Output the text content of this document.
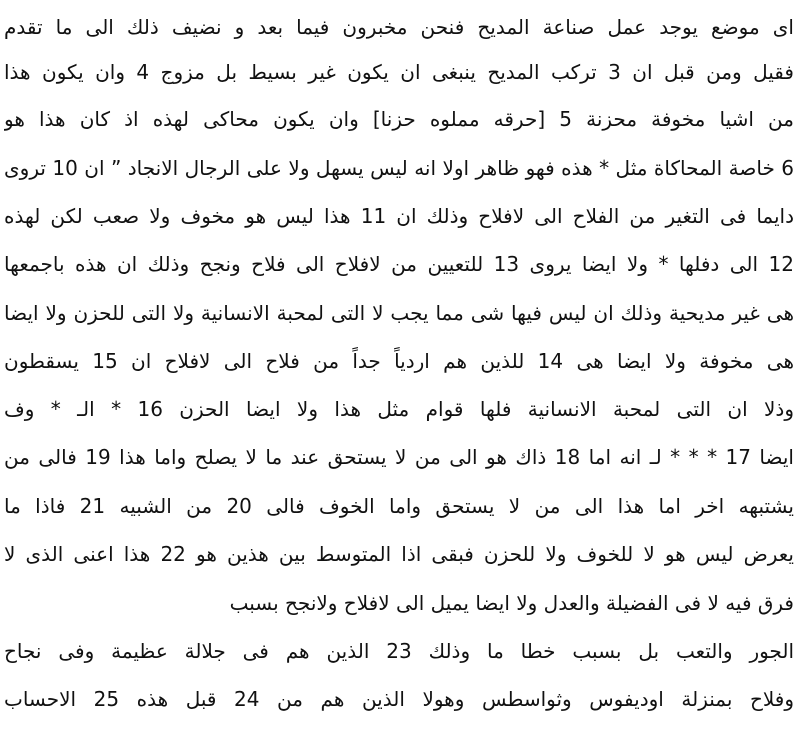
اى موضع يوجد عمل صناعة المديح فنحن مخبرون فيما بعد و نضيف ذلك الى ما تقدم
فقيل ومن قبل ان 3 تركب المديح ينبغى ان يكون غير بسيط بل مزوج 4 وان يكون هذا
من اشيا مخوفة محزنة 5 [حرقه مملوه حزنا] وان يكون محاكى لهذه اذ كان هذا هو
6 خاصة المحاكاة مثل * هذه فهو ظاهر اولا انه ليس يسهل ولا على الرجال الانجاد ” ان 10 تروى
دايما فى التغير من الفلاح الى لافلاح وذلك ان 11 هذا ليس هو مخوف ولا صعب لكن لهذه
12 الى دفلها * ولا ايضا يروى 13 للتعيين من لافلاح الى فلاح ونجح وذلك ان هذه باجمعها
هى غير مديحية وذلك ان ليس فيها شى مما يجب لا التى لمحبة الانسانية ولا التى للحزن ولا ايضا
هى مخوفة ولا ايضا هى 14 للذين هم اردياً جداً من فلاح الى لافلاح ان 15 يسقطون
وذلا ان التى لمحبة الانسانية فلها قوام مثل هذا ولا ايضا الحزن 16 * الـ * وف
ايضا 17 * * * لـ انه اما 18 ذاك هو الى من لا يستحق عند ما لا يصلح واما هذا 19 فالى من
يشتبهه اخر اما هذا الى من لا يستحق واما الخوف فالى 20 من الشبيه 21 فاذا ما
يعرض ليس هو لا للخوف ولا للحزن فبقى اذا المتوسط بين هذين هو 22 هذا اعنى الذى لا
فرق فيه لا فى الفضيلة والعدل ولا ايضا يميل الى لافلاح ولانجح بسبب
الجور والتعب بل بسبب خطا ما وذلك 23 الذين هم فى جلالة عظيمة وفى نجاح
وفلاح بمنزلة اوديفوس وثواسطس وهولا الذين هم من 24 قبل هذه 25 الاحساب
